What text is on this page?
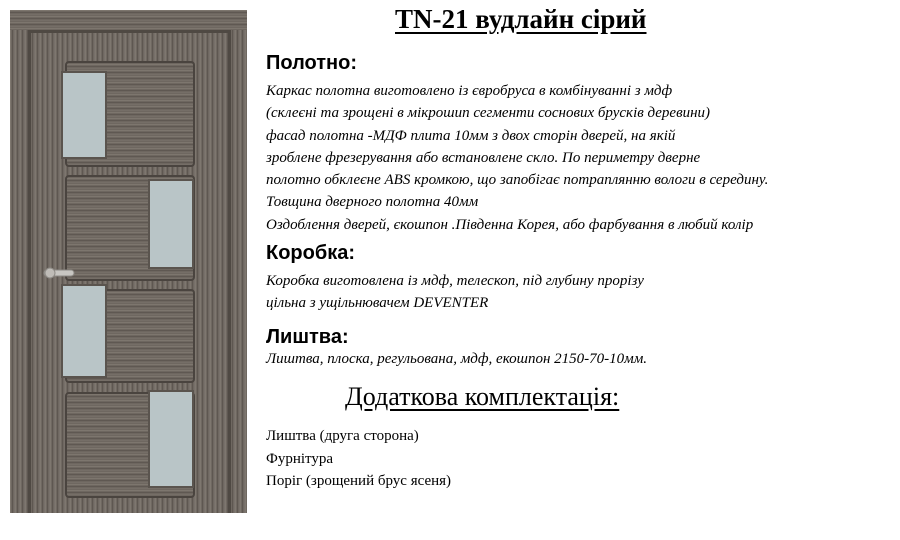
TN-21 вудлайн сірий
Полотно:
Каркас полотна виготовлено із євробруса в комбінуванні з мдф
(склеєні та зрощені в мікрошип сегменти соснових брусків деревини)
фасад полотна -МДФ плита 10мм з двох сторін дверей, на якій
зроблене фрезерування або встановлене скло. По периметру дверне
полотно обклеєне ABS кромкою, що запобігає потраплянню вологи в середину.
Товщина дверного полотна 40мм
Оздоблення дверей, єкошпон .Південна Корея, або фарбування в любий колір
Коробка:
Коробка виготовлена із мдф, телескоп, під глубину прорізу
цільна з ущільнювачем DEVENTER
Лиштва:
Лиштва, плоска, регульована, мдф, екошпон 2150-70-10мм.
Додаткова комплектація:
Лиштва (друга сторона)
Фурнітура
Поріг (зрощений брус ясеня)
